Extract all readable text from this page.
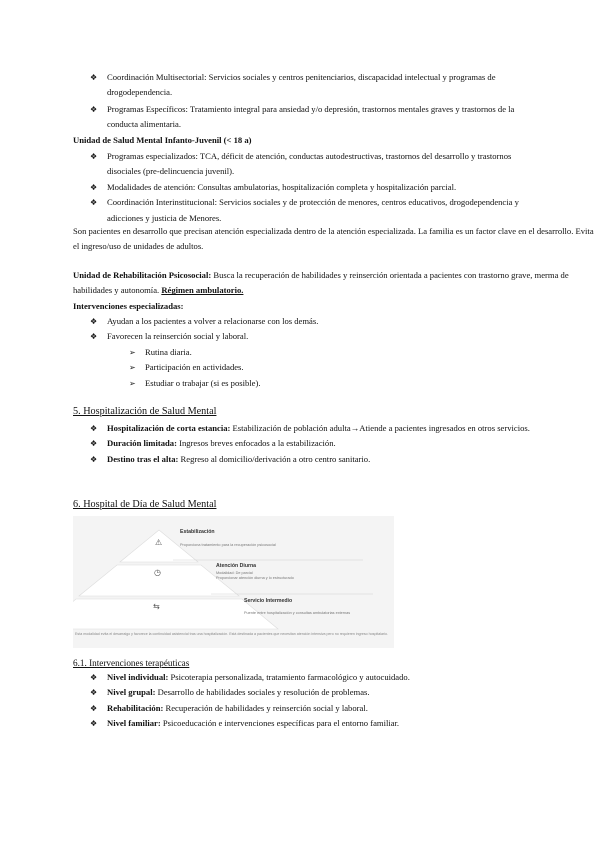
❖ Coordinación Multisectorial: Servicios sociales y centros penitenciarios, discapacidad intelectual y programas de drogodependencia.
❖ Programas Específicos: Tratamiento integral para ansiedad y/o depresión, trastornos mentales graves y trastornos de la conducta alimentaria.
Unidad de Salud Mental Infanto-Juvenil (< 18 a)
❖ Programas especializados: TCA, déficit de atención, conductas autodestructivas, trastornos del desarrollo y trastornos disociales (pre-delincuencia juvenil).
❖ Modalidades de atención: Consultas ambulatorias, hospitalización completa y hospitalización parcial.
❖ Coordinación Interinstitucional: Servicios sociales y de protección de menores, centros educativos, drogodependencia y adicciones y justicia de Menores.
Son pacientes en desarrollo que precisan atención especializada dentro de la atención especializada. La familia es un factor clave en el desarrollo. Evita el ingreso/uso de unidades de adultos.
Unidad de Rehabilitación Psicosocial: Busca la recuperación de habilidades y reinserción orientada a pacientes con trastorno grave, merma de habilidades y autonomía. Régimen ambulatorio.
Intervenciones especializadas:
❖ Ayudan a los pacientes a volver a relacionarse con los demás.
❖ Favorecen la reinserción social y laboral.
➢ Rutina diaria.
➢ Participación en actividades.
➢ Estudiar o trabajar (si es posible).
5. Hospitalización de Salud Mental
❖ Hospitalización de corta estancia: Estabilización de población adulta→Atiende a pacientes ingresados en otros servicios.
❖ Duración limitada: Ingresos breves enfocados a la estabilización.
❖ Destino tras el alta: Regreso al domicilio/derivación a otro centro sanitario.
6. Hospital de Día de Salud Mental
⚠
Estabilización
Proporciona tratamiento para la recuperación psicosocial
◷
Atención Diurna
Modalidad: De parcial
Proporcionar atención diurna y lo estructurado
⇆
Servicio Intermedio
Puente entre hospitalización y consultas ambulatorias externas
Esta modalidad evita el desarraigo y favorece la continuidad asistencial tras una hospitalización. Está destinada a pacientes que necesitan atención intensiva pero no requieren ingreso hospitalario.
6.1. Intervenciones terapéuticas
❖ Nivel individual: Psicoterapia personalizada, tratamiento farmacológico y autocuidado.
❖ Nivel grupal: Desarrollo de habilidades sociales y resolución de problemas.
❖ Rehabilitación: Recuperación de habilidades y reinserción social y laboral.
❖ Nivel familiar: Psicoeducación e intervenciones específicas para el entorno familiar.
